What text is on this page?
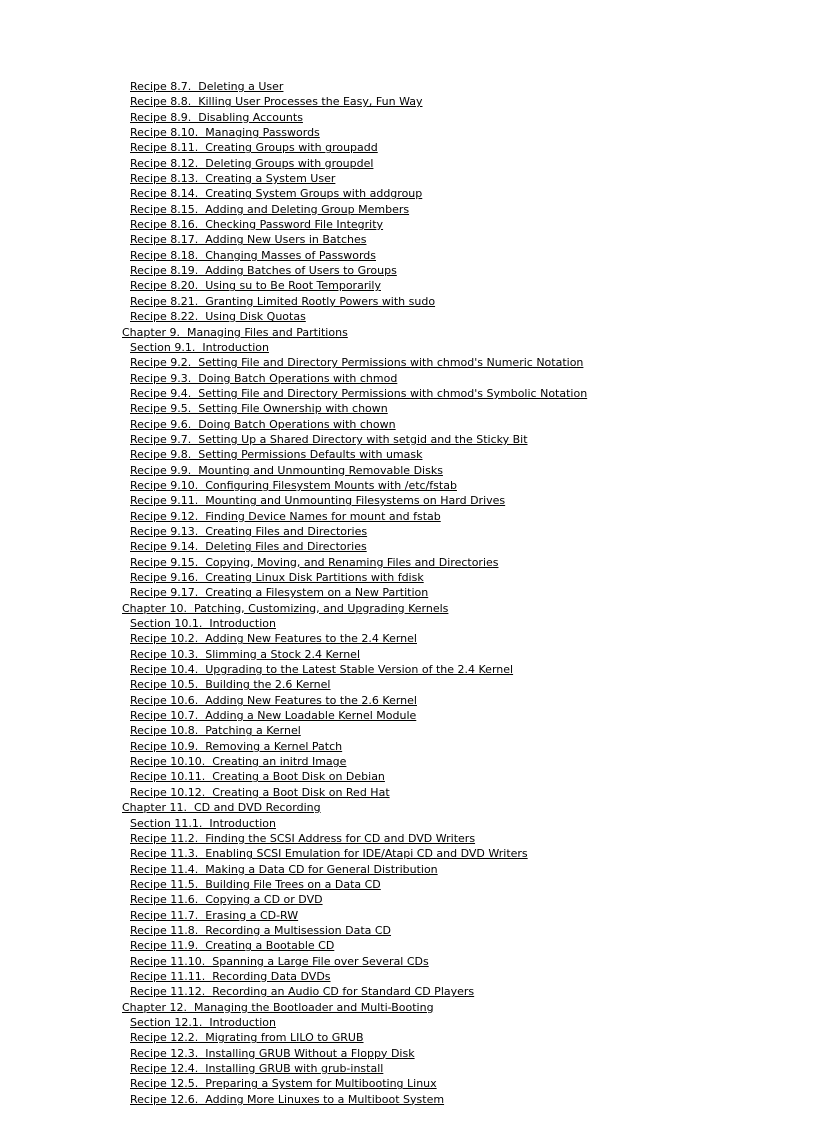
Recipe 8.7.  Deleting a User
Recipe 8.8.  Killing User Processes the Easy, Fun Way
Recipe 8.9.  Disabling Accounts
Recipe 8.10.  Managing Passwords
Recipe 8.11.  Creating Groups with groupadd
Recipe 8.12.  Deleting Groups with groupdel
Recipe 8.13.  Creating a System User
Recipe 8.14.  Creating System Groups with addgroup
Recipe 8.15.  Adding and Deleting Group Members
Recipe 8.16.  Checking Password File Integrity
Recipe 8.17.  Adding New Users in Batches
Recipe 8.18.  Changing Masses of Passwords
Recipe 8.19.  Adding Batches of Users to Groups
Recipe 8.20.  Using su to Be Root Temporarily
Recipe 8.21.  Granting Limited Rootly Powers with sudo
Recipe 8.22.  Using Disk Quotas
Chapter 9.  Managing Files and Partitions
Section 9.1.  Introduction
Recipe 9.2.  Setting File and Directory Permissions with chmod's Numeric Notation
Recipe 9.3.  Doing Batch Operations with chmod
Recipe 9.4.  Setting File and Directory Permissions with chmod's Symbolic Notation
Recipe 9.5.  Setting File Ownership with chown
Recipe 9.6.  Doing Batch Operations with chown
Recipe 9.7.  Setting Up a Shared Directory with setgid and the Sticky Bit
Recipe 9.8.  Setting Permissions Defaults with umask
Recipe 9.9.  Mounting and Unmounting Removable Disks
Recipe 9.10.  Configuring Filesystem Mounts with /etc/fstab
Recipe 9.11.  Mounting and Unmounting Filesystems on Hard Drives
Recipe 9.12.  Finding Device Names for mount and fstab
Recipe 9.13.  Creating Files and Directories
Recipe 9.14.  Deleting Files and Directories
Recipe 9.15.  Copying, Moving, and Renaming Files and Directories
Recipe 9.16.  Creating Linux Disk Partitions with fdisk
Recipe 9.17.  Creating a Filesystem on a New Partition
Chapter 10.  Patching, Customizing, and Upgrading Kernels
Section 10.1.  Introduction
Recipe 10.2.  Adding New Features to the 2.4 Kernel
Recipe 10.3.  Slimming a Stock 2.4 Kernel
Recipe 10.4.  Upgrading to the Latest Stable Version of the 2.4 Kernel
Recipe 10.5.  Building the 2.6 Kernel
Recipe 10.6.  Adding New Features to the 2.6 Kernel
Recipe 10.7.  Adding a New Loadable Kernel Module
Recipe 10.8.  Patching a Kernel
Recipe 10.9.  Removing a Kernel Patch
Recipe 10.10.  Creating an initrd Image
Recipe 10.11.  Creating a Boot Disk on Debian
Recipe 10.12.  Creating a Boot Disk on Red Hat
Chapter 11.  CD and DVD Recording
Section 11.1.  Introduction
Recipe 11.2.  Finding the SCSI Address for CD and DVD Writers
Recipe 11.3.  Enabling SCSI Emulation for IDE/Atapi CD and DVD Writers
Recipe 11.4.  Making a Data CD for General Distribution
Recipe 11.5.  Building File Trees on a Data CD
Recipe 11.6.  Copying a CD or DVD
Recipe 11.7.  Erasing a CD-RW
Recipe 11.8.  Recording a Multisession Data CD
Recipe 11.9.  Creating a Bootable CD
Recipe 11.10.  Spanning a Large File over Several CDs
Recipe 11.11.  Recording Data DVDs
Recipe 11.12.  Recording an Audio CD for Standard CD Players
Chapter 12.  Managing the Bootloader and Multi-Booting
Section 12.1.  Introduction
Recipe 12.2.  Migrating from LILO to GRUB
Recipe 12.3.  Installing GRUB Without a Floppy Disk
Recipe 12.4.  Installing GRUB with grub-install
Recipe 12.5.  Preparing a System for Multibooting Linux
Recipe 12.6.  Adding More Linuxes to a Multiboot System
